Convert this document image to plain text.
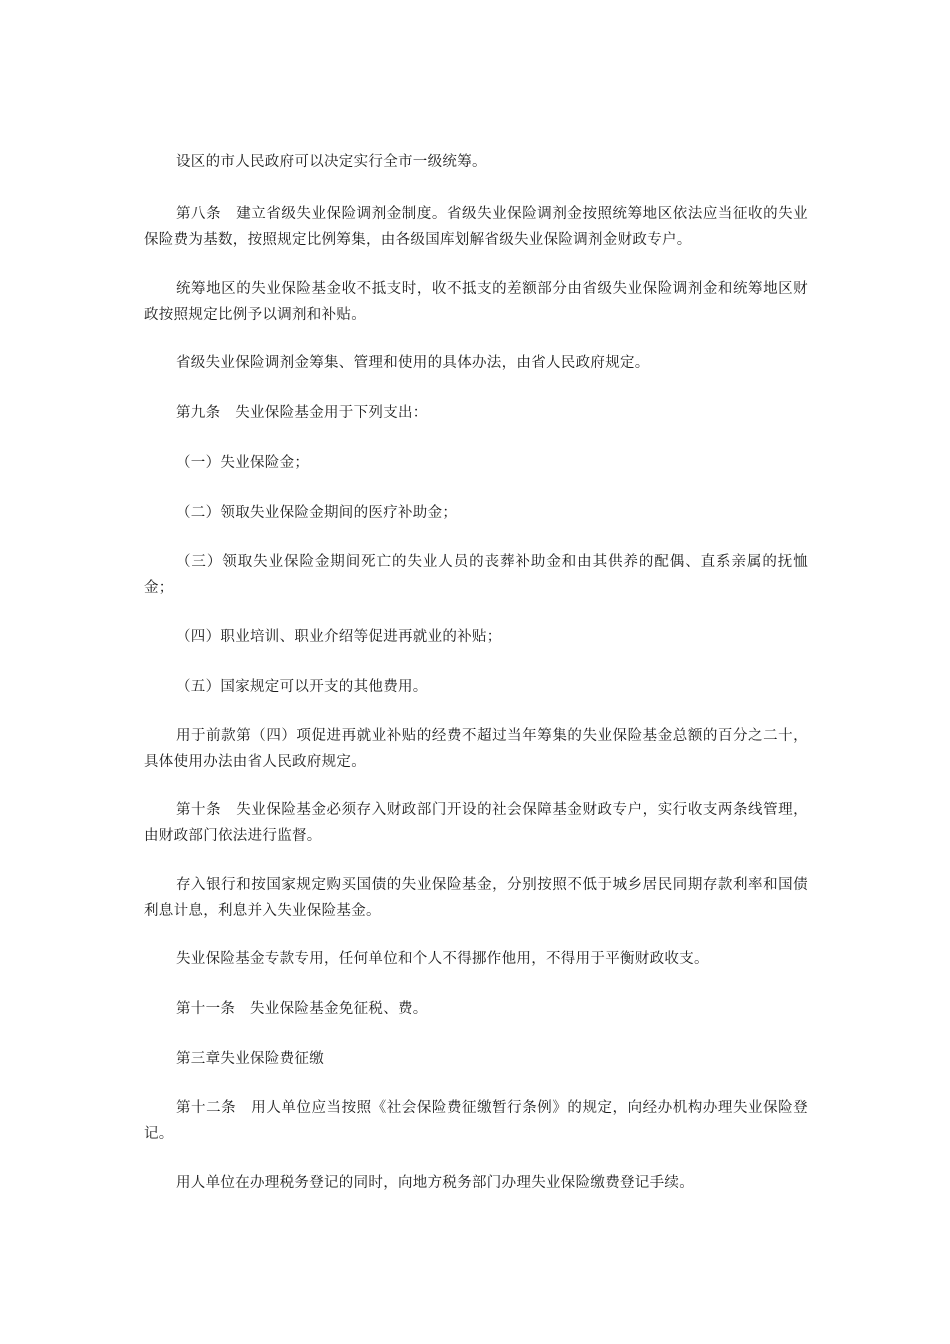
设区的市人民政府可以决定实行全市一级统筹。

第八条　建立省级失业保险调剂金制度。省级失业保险调剂金按照统筹地区依法应当征收的失业保险费为基数，按照规定比例筹集，由各级国库划解省级失业保险调剂金财政专户。

统筹地区的失业保险基金收不抵支时，收不抵支的差额部分由省级失业保险调剂金和统筹地区财政按照规定比例予以调剂和补贴。

省级失业保险调剂金筹集、管理和使用的具体办法，由省人民政府规定。

第九条　失业保险基金用于下列支出：

（一）失业保险金；

（二）领取失业保险金期间的医疗补助金；

（三）领取失业保险金期间死亡的失业人员的丧葬补助金和由其供养的配偶、直系亲属的抚恤金；

（四）职业培训、职业介绍等促进再就业的补贴；

（五）国家规定可以开支的其他费用。

用于前款第（四）项促进再就业补贴的经费不超过当年筹集的失业保险基金总额的百分之二十，具体使用办法由省人民政府规定。

第十条　失业保险基金必须存入财政部门开设的社会保障基金财政专户，实行收支两条线管理，由财政部门依法进行监督。

存入银行和按国家规定购买国债的失业保险基金，分别按照不低于城乡居民同期存款利率和国债利息计息，利息并入失业保险基金。

失业保险基金专款专用，任何单位和个人不得挪作他用，不得用于平衡财政收支。

第十一条　失业保险基金免征税、费。

第三章失业保险费征缴

第十二条　用人单位应当按照《社会保险费征缴暂行条例》的规定，向经办机构办理失业保险登记。

用人单位在办理税务登记的同时，向地方税务部门办理失业保险缴费登记手续。
